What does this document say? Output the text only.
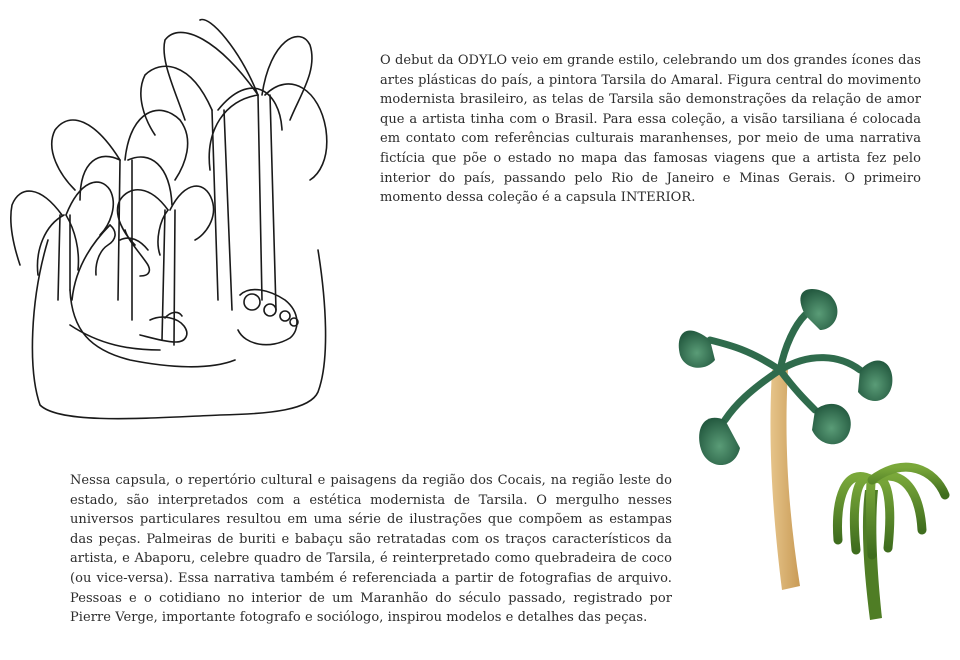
O debut da ODYLO veio em grande estilo, celebrando um dos grandes ícones das artes plásticas do país, a pintora Tarsila do Amaral. Figura central do movimento modernista brasileiro, as telas de Tarsila são demonstrações da relação de amor que a artista tinha com o Brasil. Para essa coleção, a visão tarsiliana é colocada em contato com referências culturais maranhenses, por meio de uma narrativa fictícia que põe o estado no mapa das famosas viagens que a artista fez pelo interior do país, passando pelo Rio de Janeiro e Minas Gerais. O primeiro momento dessa coleção é a capsula INTERIOR.

Nessa capsula, o repertório cultural e paisagens da região dos Cocais, na região leste do estado, são interpretados com a estética modernista de Tarsila. O mergulho nesses universos particulares resultou em uma série de ilustrações que compõem as estampas das peças. Palmeiras de buriti e babaçu são retratadas com os traços característicos da artista, e Abaporu, celebre quadro de Tarsila, é reinterpretado como quebradeira de coco (ou vice-versa). Essa narrativa também é referenciada a partir de fotografias de arquivo. Pessoas e o cotidiano no interior de um Maranhão do século passado, registrado por Pierre Verge, importante fotografo e sociólogo, inspirou modelos e detalhes das peças.
